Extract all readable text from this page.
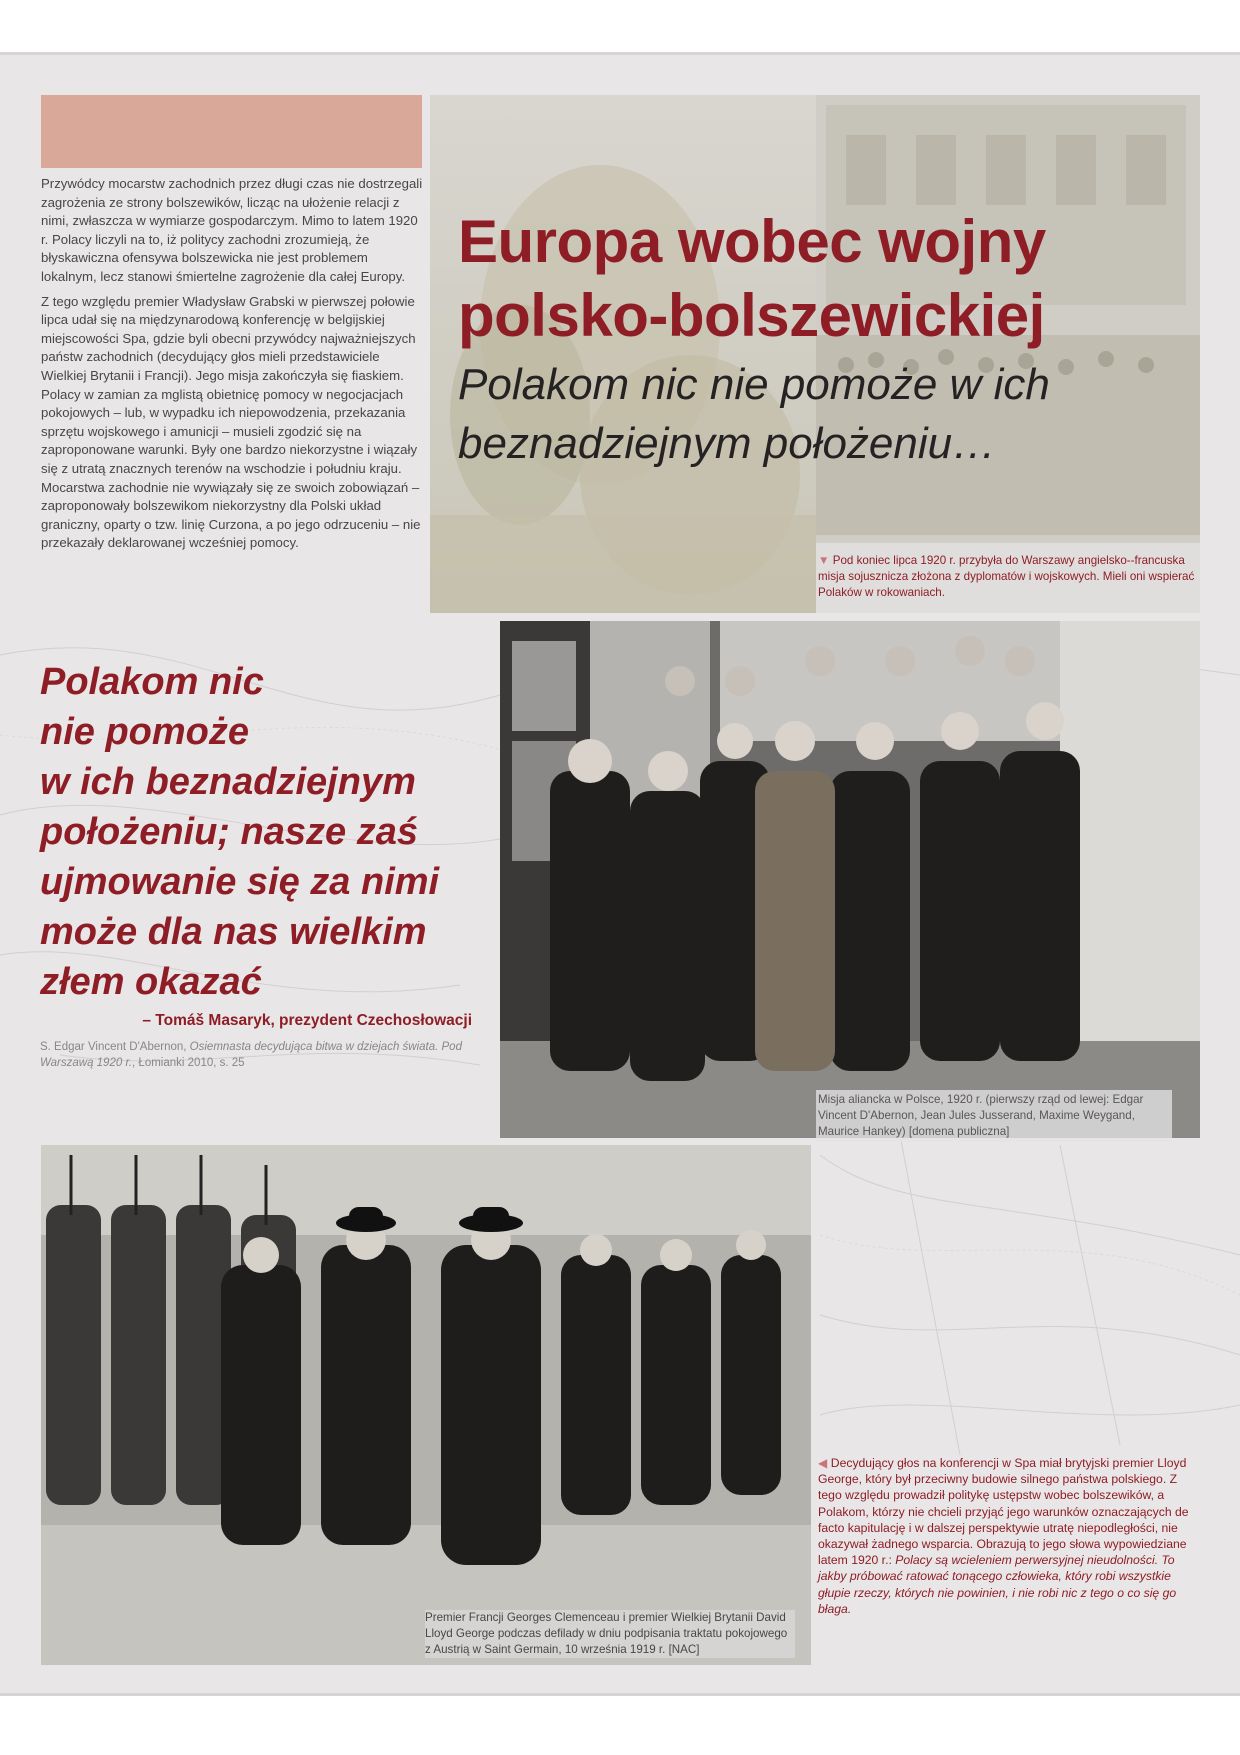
Przywódcy mocarstw zachodnich przez długi czas nie dostrzegali zagrożenia ze strony bolszewików, licząc na ułożenie relacji z nimi, zwłaszcza w wymiarze gospodarczym. Mimo to latem 1920 r. Polacy liczyli na to, iż politycy zachodni zrozumieją, że błyskawiczna ofensywa bolszewicka nie jest problemem lokalnym, lecz stanowi śmiertelne zagrożenie dla całej Europy.

Z tego względu premier Władysław Grabski w pierwszej połowie lipca udał się na międzynarodową konferencję w belgijskiej miejscowości Spa, gdzie byli obecni przywódcy najważniejszych państw zachodnich (decydujący głos mieli przedstawiciele Wielkiej Brytanii i Francji). Jego misja zakończyła się fiaskiem. Polacy w zamian za mglistą obietnicę pomocy w negocjacjach pokojowych – lub, w wypadku ich niepowodzenia, przekazania sprzętu wojskowego i amunicji – musieli zgodzić się na zaproponowane warunki. Były one bardzo niekorzystne i wiązały się z utratą znacznych terenów na wschodzie i południu kraju. Mocarstwa zachodnie nie wywiązały się ze swoich zobowiązań – zaproponowały bolszewikom niekorzystny dla Polski układ graniczny, oparty o tzw. linię Curzona, a po jego odrzuceniu – nie przekazały deklarowanej wcześniej pomocy.

Europa wobec wojny
polsko-bolszewickiej
Polakom nic nie pomoże w ich
beznadziejnym położeniu…
▼ Pod koniec lipca 1920 r. przybyła do Warszawy angielsko--francuska misja sojusznicza złożona z dyplomatów i wojskowych. Mieli oni wspierać Polaków w rokowaniach.
Misja aliancka w Polsce, 1920 r. (pierwszy rząd od lewej: Edgar Vincent D'Abernon, Jean Jules Jusserand, Maxime Weygand, Maurice Hankey) [domena publiczna]
Polakom nic
nie pomoże
w ich beznadziejnym
położeniu; nasze zaś
ujmowanie się za nimi
może dla nas wielkim
złem okazać
– Tomáš Masaryk, prezydent Czechosłowacji
S. Edgar Vincent D'Abernon, Osiemnasta decydująca bitwa w dziejach świata. Pod Warszawą 1920 r., Łomianki 2010, s. 25
Premier Francji Georges Clemenceau i premier Wielkiej Brytanii David Lloyd George podczas defilady w dniu podpisania traktatu pokojowego z Austrią w Saint Germain, 10 września 1919 r. [NAC]
◀ Decydujący głos na konferencji w Spa miał brytyjski premier Lloyd George, który był przeciwny budowie silnego państwa polskiego. Z tego względu prowadził politykę ustępstw wobec bolszewików, a Polakom, którzy nie chcieli przyjąć jego warunków oznaczających de facto kapitulację i w dalszej perspektywie utratę niepodległości, nie okazywał żadnego wsparcia. Obrazują to jego słowa wypowiedziane latem 1920 r.: Polacy są wcieleniem perwersyjnej nieudolności. To jakby próbować ratować tonącego człowieka, który robi wszystkie głupie rzeczy, których nie powinien, i nie robi nic z tego o co się go błaga.
